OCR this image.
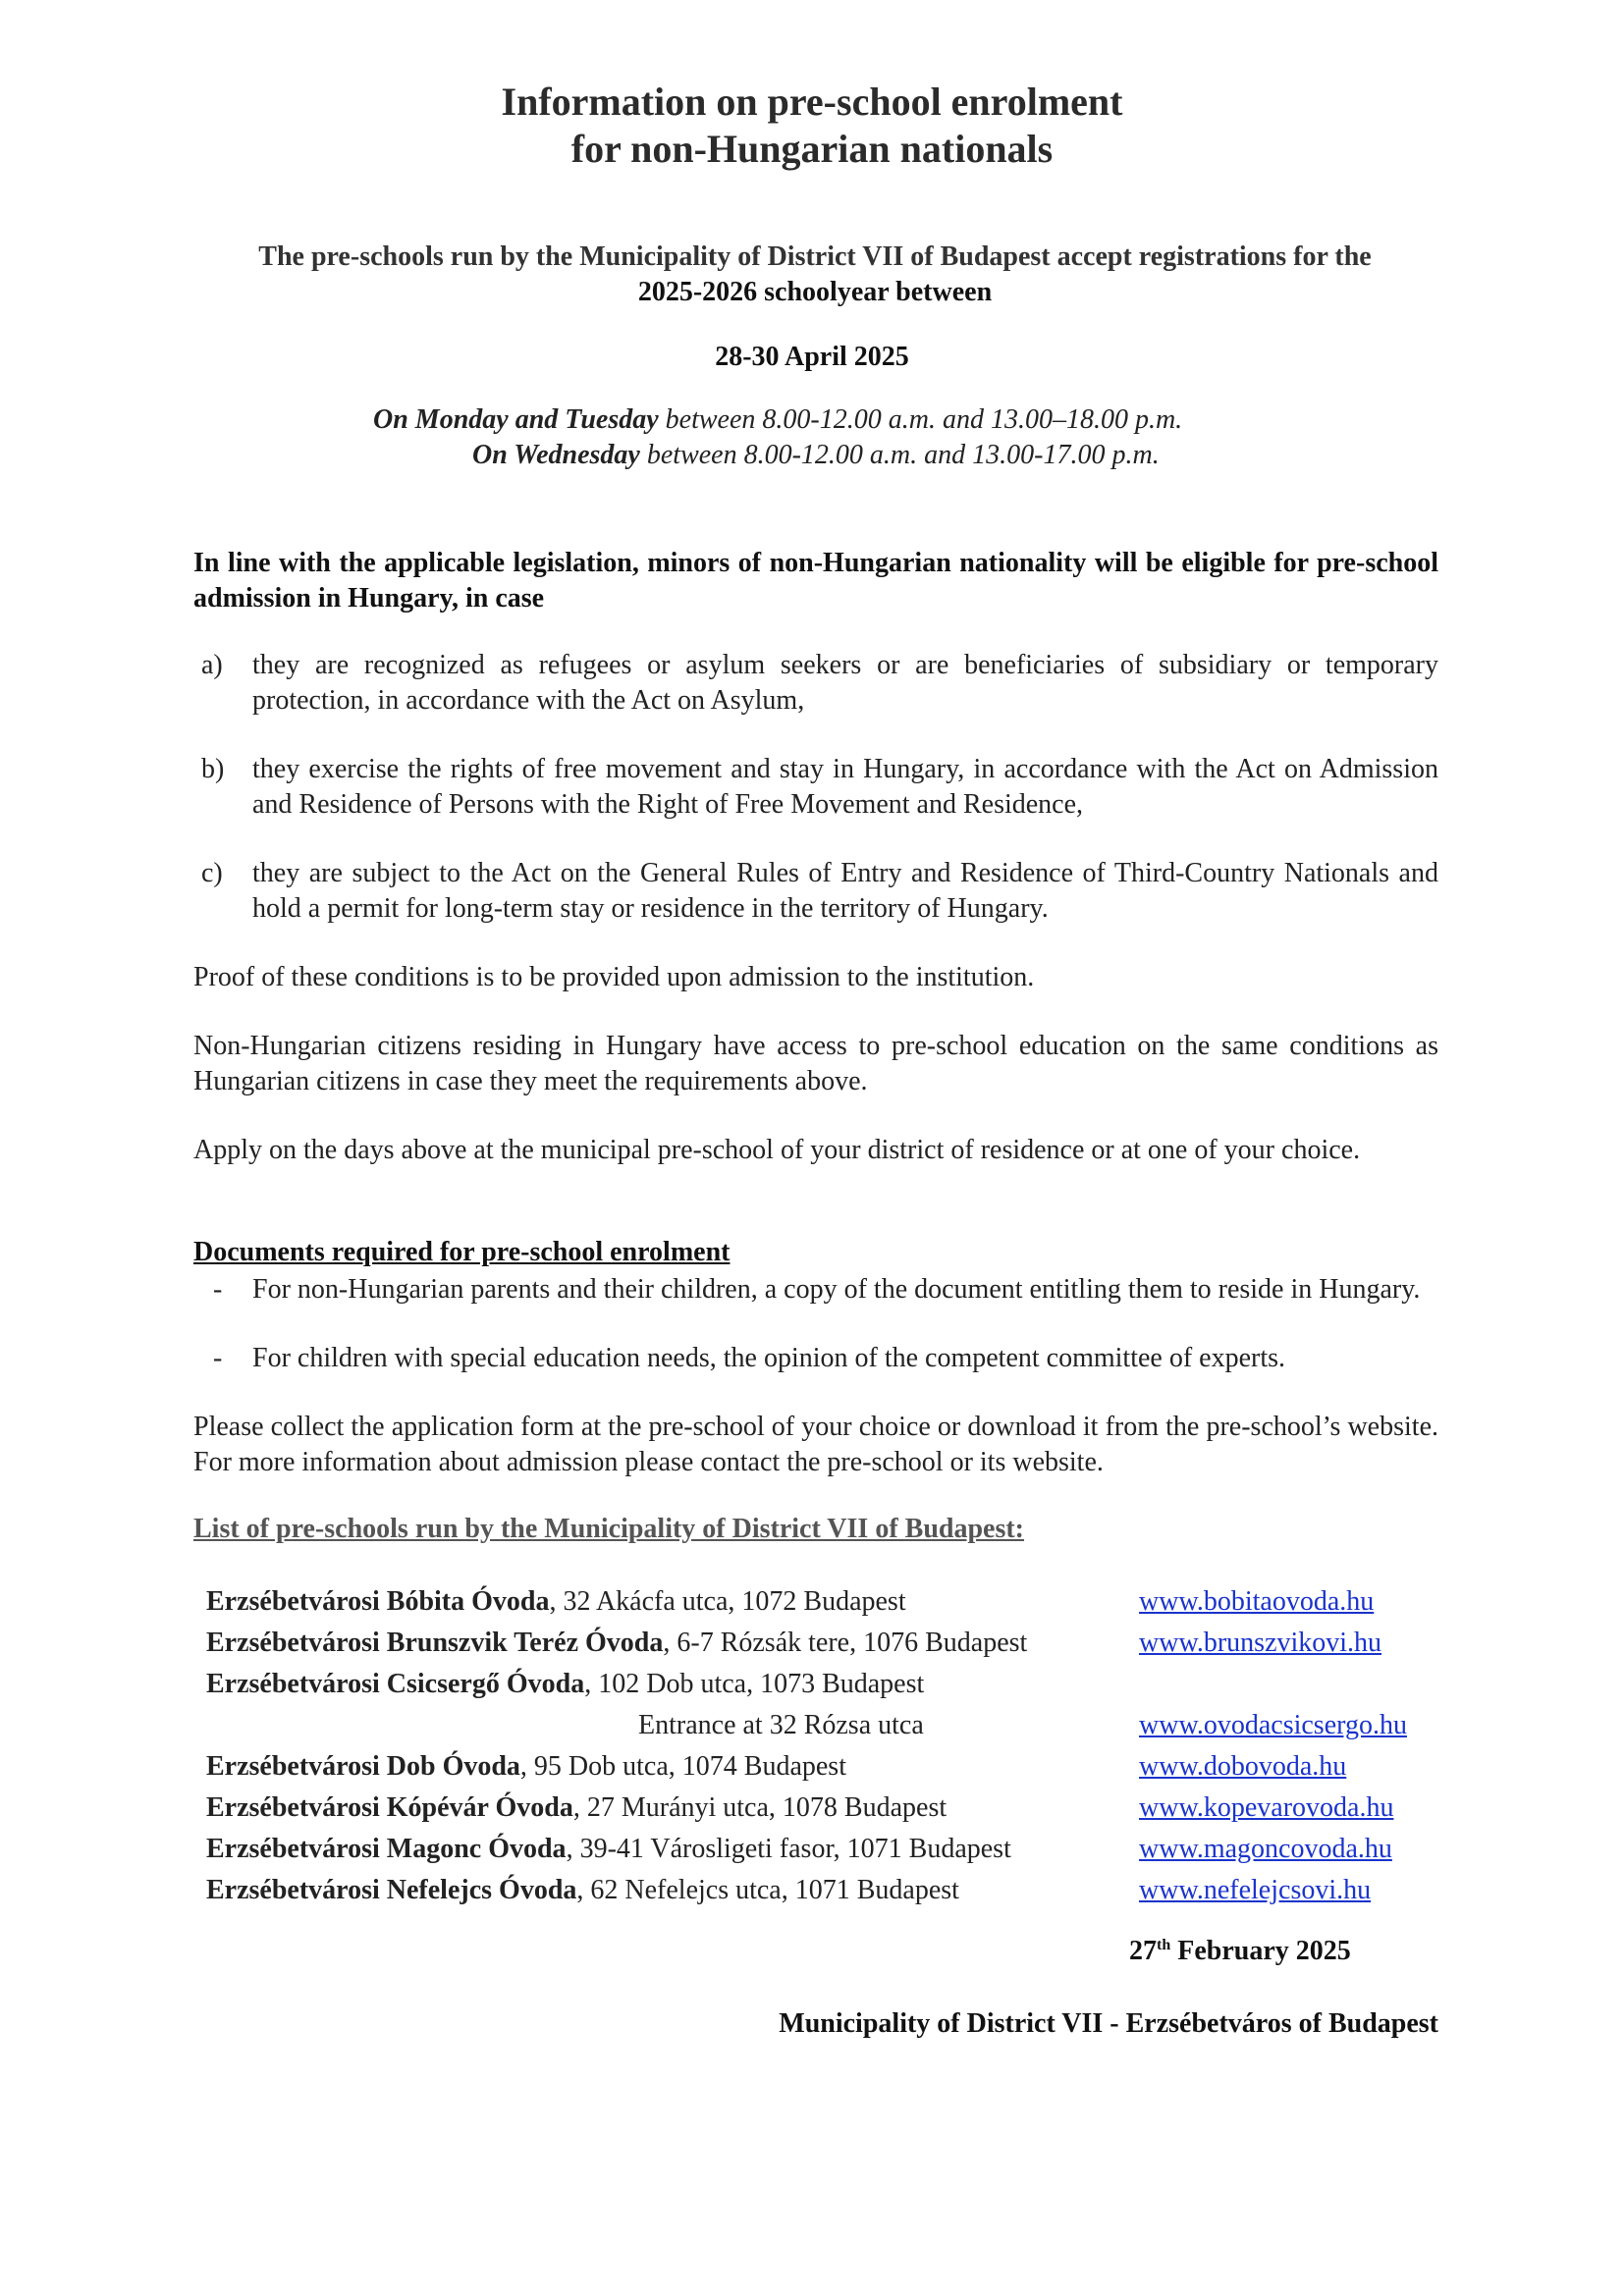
Information on pre-school enrolment
for non-Hungarian nationals

The pre-schools run by the Municipality of District VII of Budapest accept registrations for the
2025-2026 schoolyear between

28-30 April 2025

On Monday and Tuesday between 8.00-12.00 a.m. and 13.00–18.00 p.m.

On Wednesday between 8.00-12.00 a.m. and 13.00-17.00 p.m.

In line with the applicable legislation, minors of non-Hungarian nationality will be eligible for pre-school admission in Hungary, in case

a) they are recognized as refugees or asylum seekers or are beneficiaries of subsidiary or temporary protection, in accordance with the Act on Asylum,
b) they exercise the rights of free movement and stay in Hungary, in accordance with the Act on Admission and Residence of Persons with the Right of Free Movement and Residence,
c) they are subject to the Act on the General Rules of Entry and Residence of Third-Country Nationals and hold a permit for long-term stay or residence in the territory of Hungary.

Proof of these conditions is to be provided upon admission to the institution.

Non-Hungarian citizens residing in Hungary have access to pre-school education on the same conditions as Hungarian citizens in case they meet the requirements above.

Apply on the days above at the municipal pre-school of your district of residence or at one of your choice.

Documents required for pre-school enrolment

- For non-Hungarian parents and their children, a copy of the document entitling them to reside in Hungary.
- For children with special education needs, the opinion of the competent committee of experts.

Please collect the application form at the pre-school of your choice or download it from the pre-school’s website. For more information about admission please contact the pre-school or its website.

List of pre-schools run by the Municipality of District VII of Budapest:

Erzsébetvárosi Bóbita Óvoda, 32 Akácfa utca, 1072 Budapest	www.bobitaovoda.hu
Erzsébetvárosi Brunszvik Teréz Óvoda, 6-7 Rózsák tere, 1076 Budapest	www.brunszvikovi.hu
Erzsébetvárosi Csicsergő Óvoda, 102 Dob utca, 1073 Budapest
Entrance at 32 Rózsa utca	www.ovodacsicsergo.hu
Erzsébetvárosi Dob Óvoda, 95 Dob utca, 1074 Budapest	www.dobovoda.hu
Erzsébetvárosi Kópévár Óvoda, 27 Murányi utca, 1078 Budapest	www.kopevarovoda.hu
Erzsébetvárosi Magonc Óvoda, 39-41 Városligeti fasor, 1071 Budapest	www.magoncovoda.hu
Erzsébetvárosi Nefelejcs Óvoda, 62 Nefelejcs utca, 1071 Budapest	www.nefelejcsovi.hu

27th February 2025

Municipality of District VII - Erzsébetváros of Budapest
